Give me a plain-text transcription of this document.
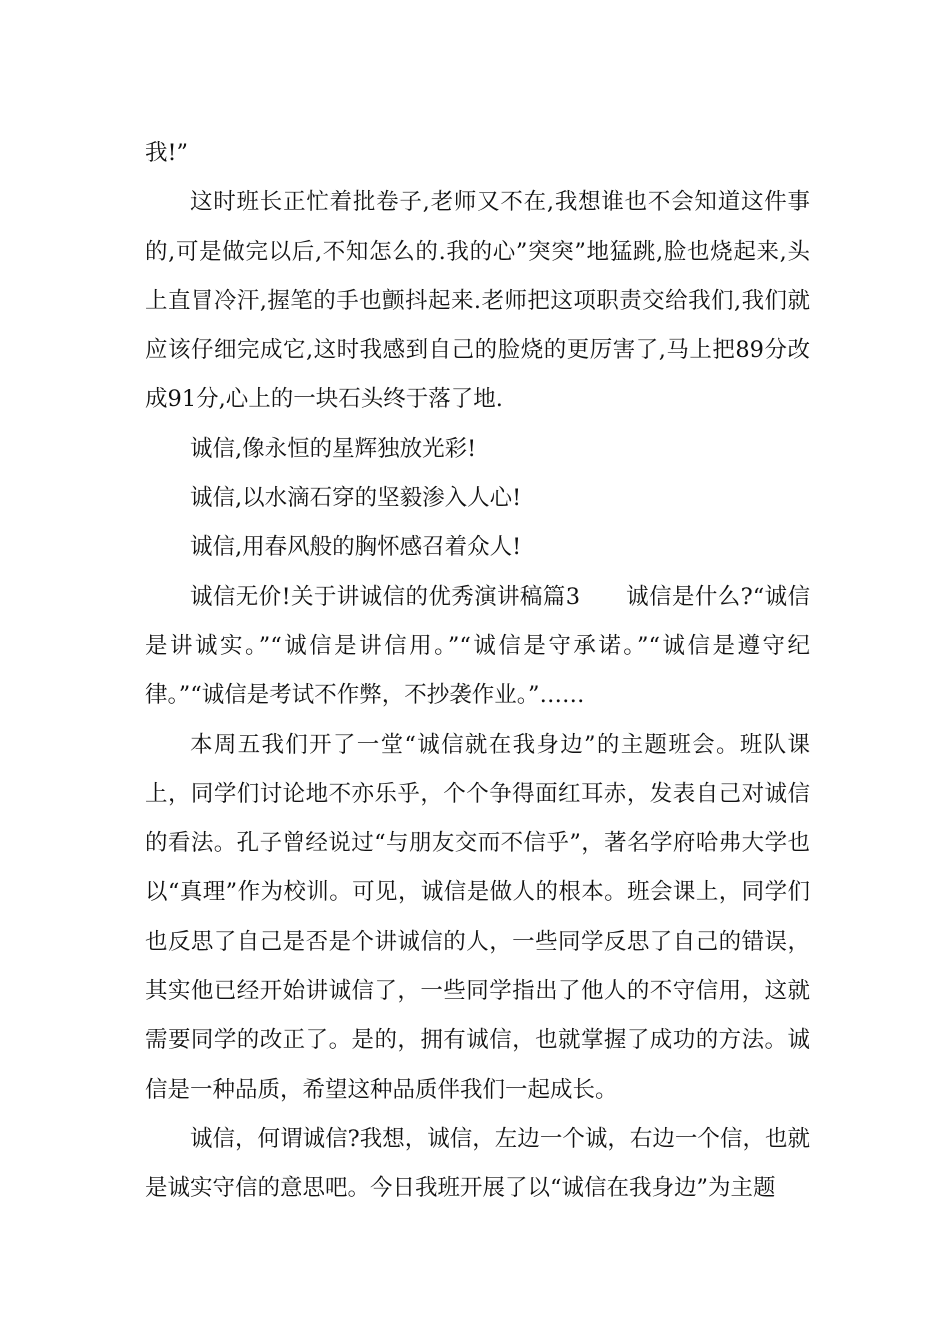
我!”

这时班长正忙着批卷子,老师又不在,我想谁也不会知道这件事的,可是做完以后,不知怎么的.我的心”突突”地猛跳,脸也烧起来,头上直冒冷汗,握笔的手也颤抖起来.老师把这项职责交给我们,我们就应该仔细完成它,这时我感到自己的脸烧的更厉害了,马上把89分改成91分,心上的一块石头终于落了地.

诚信,像永恒的星辉独放光彩!

诚信,以水滴石穿的坚毅渗入人心!

诚信,用春风般的胸怀感召着众人!

诚信无价!关于讲诚信的优秀演讲稿篇3　　诚信是什么?“诚信是讲诚实。”“诚信是讲信用。”“诚信是守承诺。”“诚信是遵守纪律。”“诚信是考试不作弊，不抄袭作业。”……

本周五我们开了一堂“诚信就在我身边”的主题班会。班队课上，同学们讨论地不亦乐乎，个个争得面红耳赤，发表自己对诚信的看法。孔子曾经说过“与朋友交而不信乎”，著名学府哈弗大学也以“真理”作为校训。可见，诚信是做人的根本。班会课上，同学们也反思了自己是否是个讲诚信的人，一些同学反思了自己的错误，其实他已经开始讲诚信了，一些同学指出了他人的不守信用，这就需要同学的改正了。是的，拥有诚信，也就掌握了成功的方法。诚信是一种品质，希望这种品质伴我们一起成长。

诚信，何谓诚信?我想，诚信，左边一个诚，右边一个信，也就是诚实守信的意思吧。今日我班开展了以“诚信在我身边”为主题
